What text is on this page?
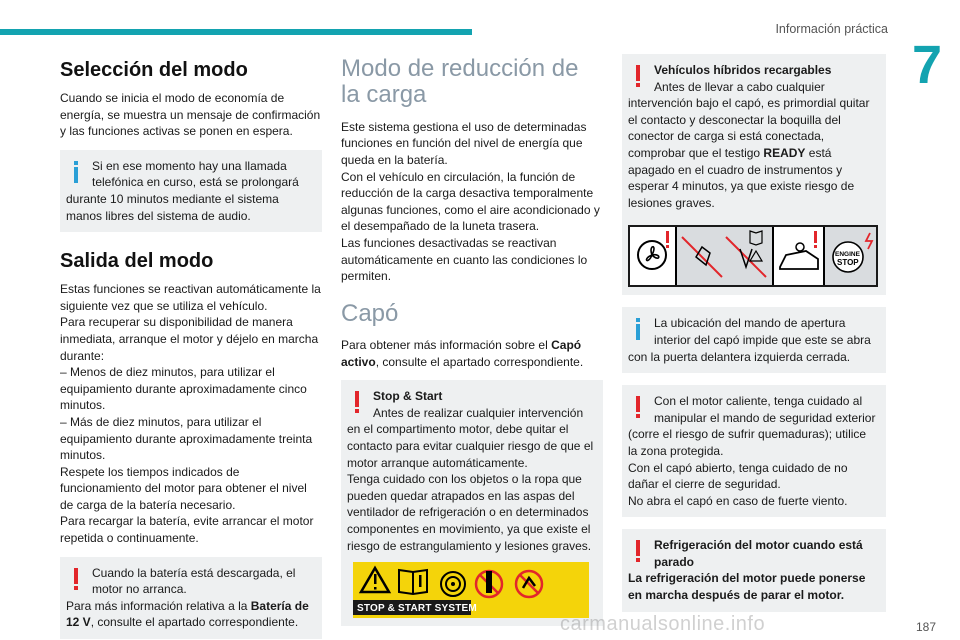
Información práctica
7
Selección del modo

Cuando se inicia el modo de economía de energía, se muestra un mensaje de confirmación y las funciones activas se ponen en espera.

Si en ese momento hay una llamada telefónica en curso, está se prolongará durante 10 minutos mediante el sistema manos libres del sistema de audio.
Salida del modo

Estas funciones se reactivan automáticamente la siguiente vez que se utiliza el vehículo.

Para recuperar su disponibilidad de manera inmediata, arranque el motor y déjelo en marcha durante:

– Menos de diez minutos, para utilizar el equipamiento durante aproximadamente cinco minutos.

– Más de diez minutos, para utilizar el equipamiento durante aproximadamente treinta minutos.

Respete los tiempos indicados de funcionamiento del motor para obtener el nivel de carga de la batería necesario.

Para recargar la batería, evite arrancar el motor repetida o continuamente.

Cuando la batería está descargada, el motor no arranca.
Para más información relativa a la Batería de 12 V, consulte el apartado correspondiente.
Modo de reducción de la carga

Este sistema gestiona el uso de determinadas funciones en función del nivel de energía que queda en la batería.

Con el vehículo en circulación, la función de reducción de la carga desactiva temporalmente algunas funciones, como el aire acondicionado y el desempañado de la luneta trasera.

Las funciones desactivadas se reactivan automáticamente en cuanto las condiciones lo permiten.

Capó

Para obtener más información sobre el Capó activo, consulte el apartado correspondiente.

Stop & Start
Antes de realizar cualquier intervención en el compartimento motor, debe quitar el contacto para evitar cualquier riesgo de que el motor arranque automáticamente.
Tenga cuidado con los objetos o la ropa que pueden quedar atrapados en las aspas del ventilador de refrigeración o en determinados componentes en movimiento, ya que existe el riesgo de estrangulamiento y lesiones graves.
STOP & START SYSTEM
Vehículos híbridos recargables
Antes de llevar a cabo cualquier intervención bajo el capó, es primordial quitar el contacto y desconectar la boquilla del conector de carga si está conectada, comprobar que el testigo READY está apagado en el cuadro de instrumentos y esperar 4 minutos, ya que existe riesgo de lesiones graves.
ENGINE
STOP
La ubicación del mando de apertura interior del capó impide que este se abra con la puerta delantera izquierda cerrada.
Con el motor caliente, tenga cuidado al manipular el mando de seguridad exterior (corre el riesgo de sufrir quemaduras); utilice la zona protegida.
Con el capó abierto, tenga cuidado de no dañar el cierre de seguridad.
No abra el capó en caso de fuerte viento.
Refrigeración del motor cuando está parado
La refrigeración del motor puede ponerse en marcha después de parar el motor.
carmanualsonline.info	187
